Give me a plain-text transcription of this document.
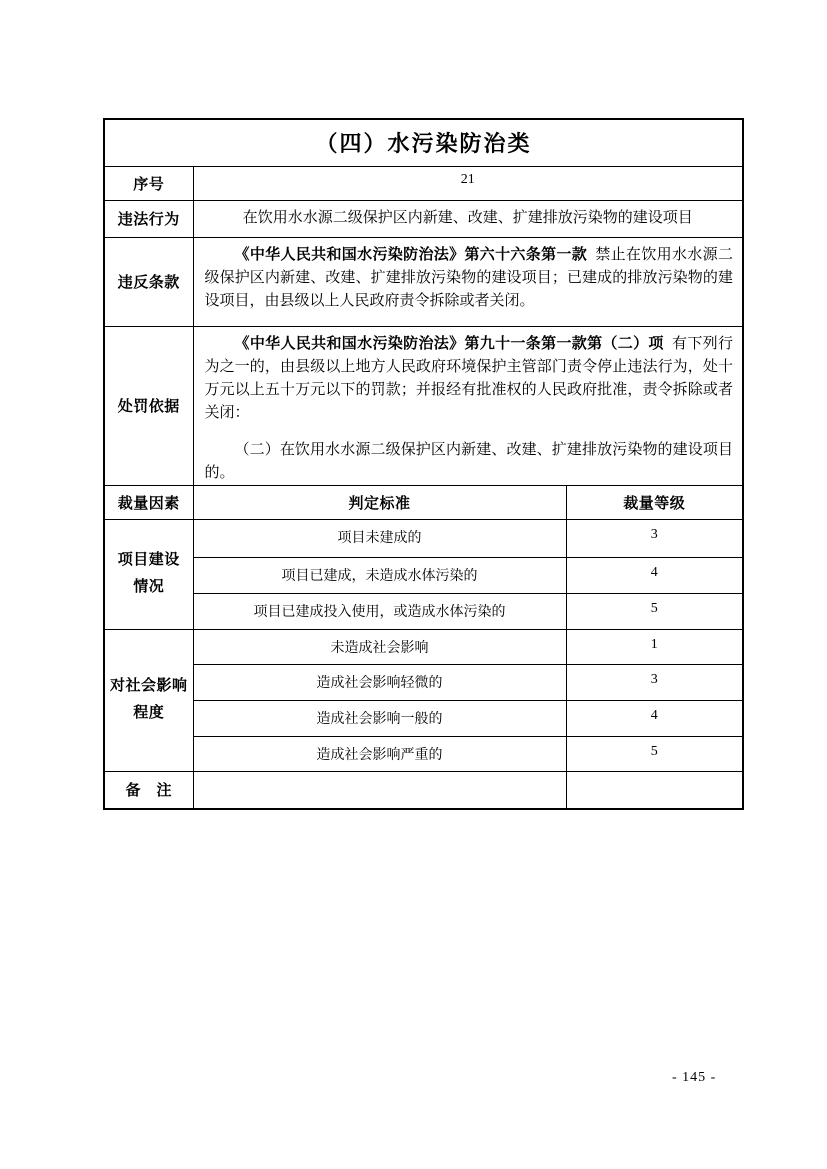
（四）水污染防治类		
序号	21	
违法行为	在饮用水水源二级保护区内新建、改建、扩建排放污染物的建设项目	
违反条款	《中华人民共和国水污染防治法》第六十六条第一款 禁止在饮用水水源二级保护区内新建、改建、扩建排放污染物的建设项目；已建成的排放污染物的建设项目，由县级以上人民政府责令拆除或者关闭。	

处罚依据	《中华人民共和国水污染防治法》第九十一条第一款第（二）项 有下列行为之一的，由县级以上地方人民政府环境保护主管部门责令停止违法行为，处十万元以上五十万元以下的罚款；并报经有批准权的人民政府批准，责令拆除或者关闭：

（二）在饮用水水源二级保护区内新建、改建、扩建排放污染物的建设项目的。	

裁量因素	判定标准	裁量等级

项目建设
情况	项目未建成的	3
	项目已建成，未造成水体污染的	4
	项目已建成投入使用，或造成水体污染的	5

对社会影响
程度	未造成社会影响	1
	造成社会影响轻微的	3
	造成社会影响一般的	4
	造成社会影响严重的	5
备　注		
- 145 -
